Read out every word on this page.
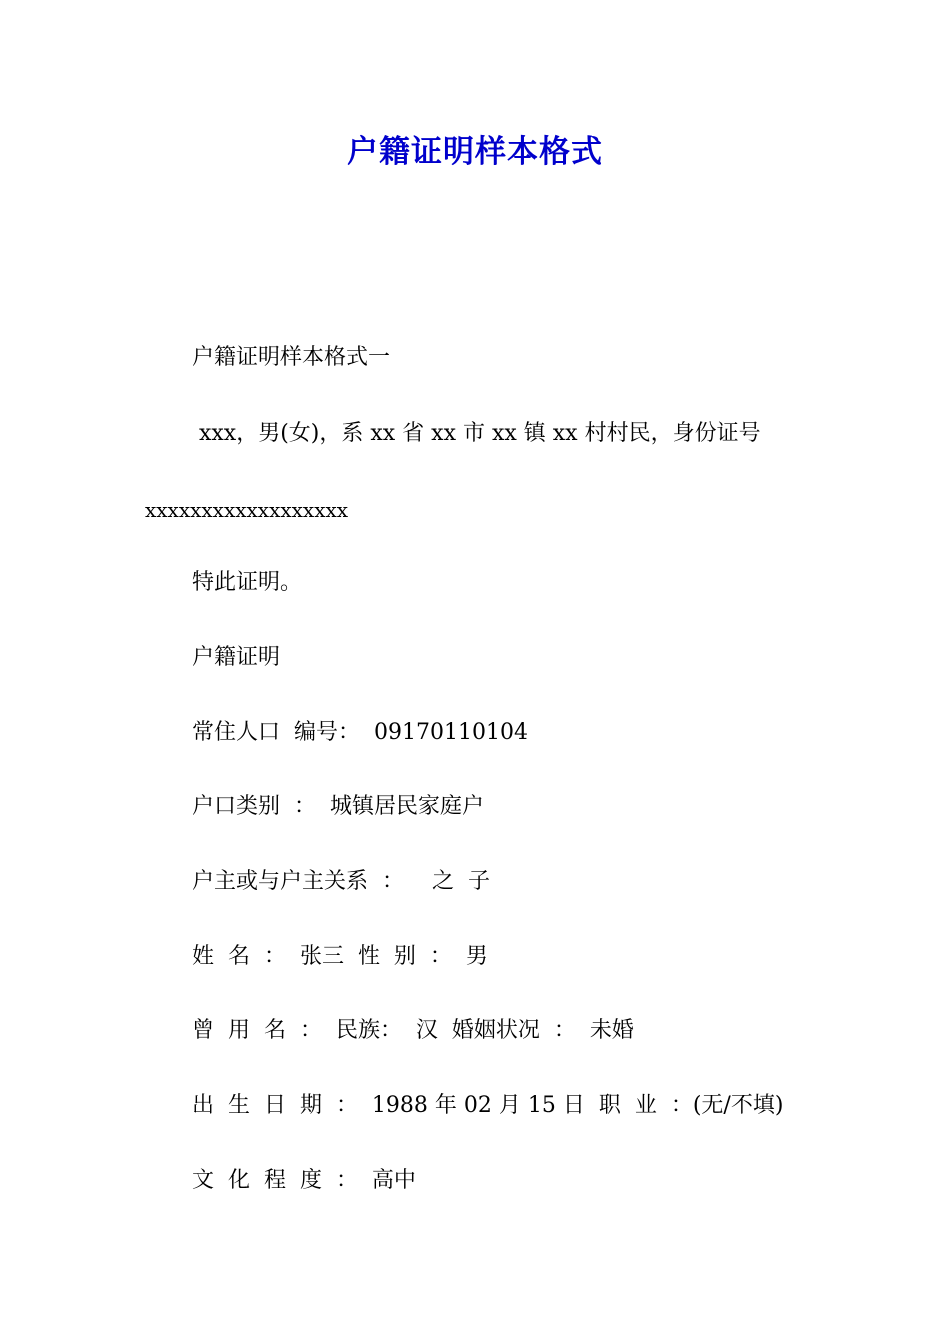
户籍证明样本格式
户籍证明样本格式一
xxx，男(女)，系 xx 省 xx 市 xx 镇 xx 村村民，身份证号
xxxxxxxxxxxxxxxxxx
特此证明。
户籍证明
常住人口  编号：  09170110104
户口类别  ：  城镇居民家庭户
户主或与户主关系  ：    之  子
姓  名  ：  张三  性  别  ：  男
曾  用  名  ：  民族：  汉  婚姻状况  ：  未婚
出  生  日  期  ：  1988 年 02 月 15 日  职  业  ：(无/不填)
文  化  程  度  ：  高中
